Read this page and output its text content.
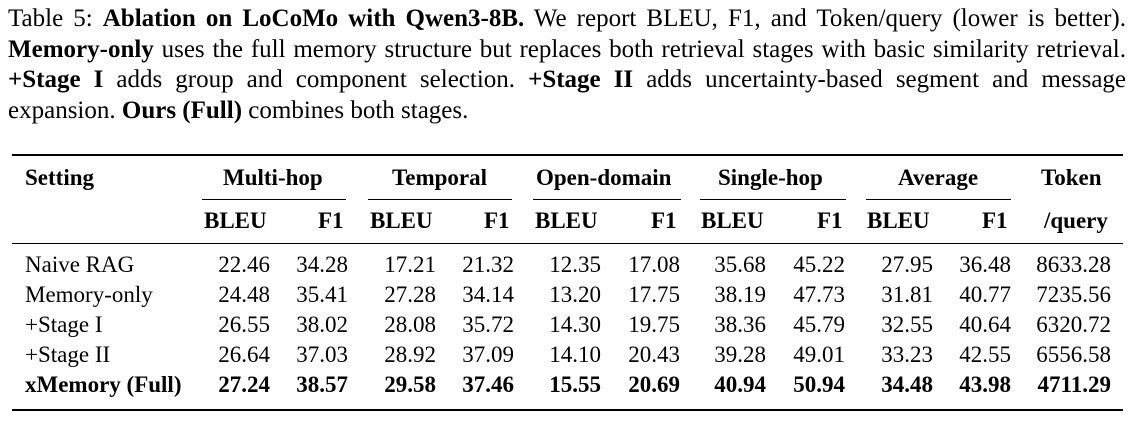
Table 5: Ablation on LoCoMo with Qwen3-8B. We report BLEU, F1, and Token/query (lower is better). Memory-only uses the full memory structure but replaces both retrieval stages with basic similarity retrieval. +Stage I adds group and component selection. +Stage II adds uncertainty-based segment and message expansion. Ours (Full) combines both stages.
Setting	Multi-hop	Temporal Open-domain Single-hop	Average	Token
BLEU F1 BLEU F1 BLEU F1 BLEU F1 BLEU F1 /query
Naive RAG	22.46 34.28 17.21 21.32 12.35 17.08 35.68 45.22 27.95 36.48 8633.28
Memory-only	24.48 35.41 27.28 34.14 13.20 17.75 38.19 47.73 31.81 40.77 7235.56
+Stage I	26.55 38.02 28.08 35.72 14.30 19.75 38.36 45.79 32.55 40.64 6320.72
+Stage II	26.64 37.03 28.92 37.09 14.10 20.43 39.28 49.01 33.23 42.55 6556.58
xMemory (Full) 27.24 38.57 29.58 37.46 15.55 20.69 40.94 50.94 34.48 43.98 4711.29
